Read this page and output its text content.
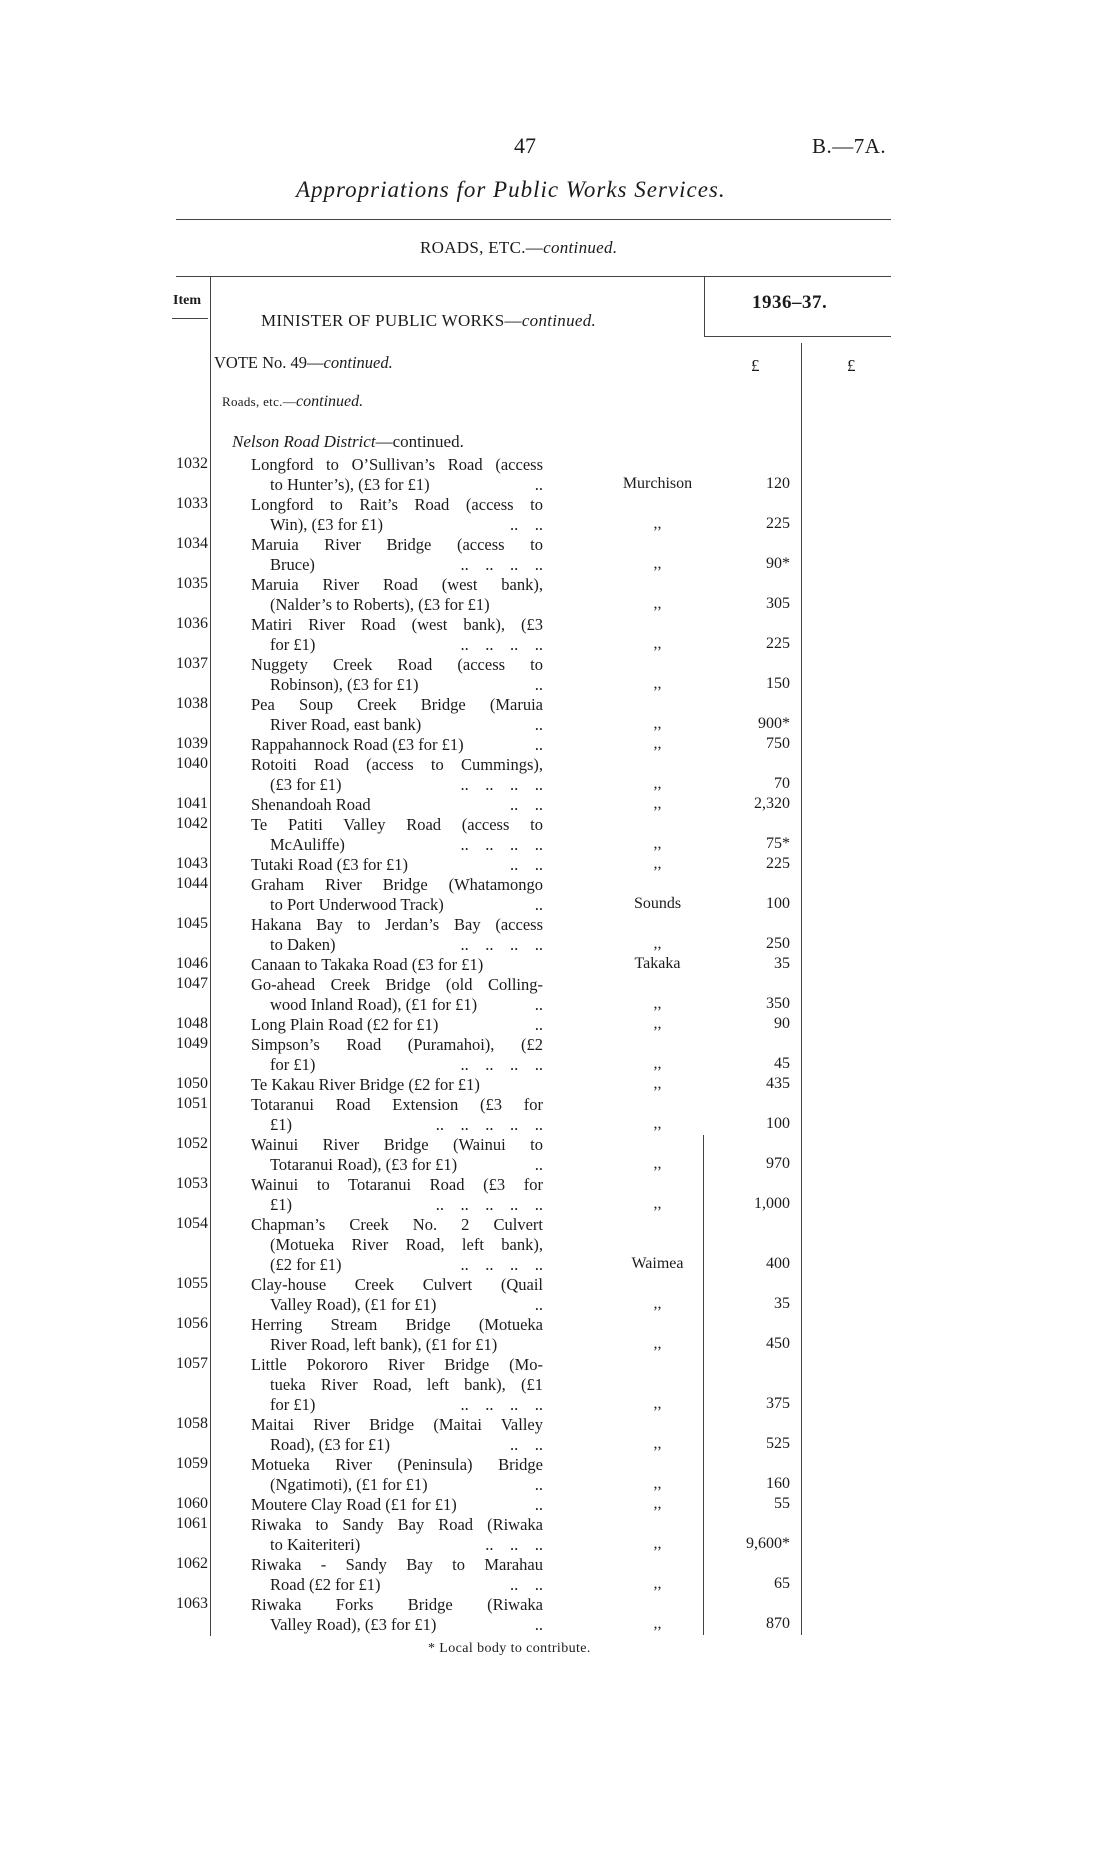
47	B.—7A.
Appropriations for Public Works Services.
ROADS, ETC.—continued.
Item
MINISTER OF PUBLIC WORKS—continued.
1936–37.
£	£
VOTE No. 49—continued.
Roads, etc.—continued.
Nelson Road District—continued.
1032	Longford to O’Sullivan’s Road (access
to Hunter’s), (£3 for £1)	..	Murchison	120
1033	Longford to Rait’s Road (access to
Win), (£3 for £1)	..    ..	,,	225
1034	Maruia River Bridge (access to
Bruce)	..    ..    ..    ..	,,	90*
1035	Maruia River Road (west bank),
(Nalder’s to Roberts), (£3 for £1)	,,	305
1036	Matiri River Road (west bank), (£3
for £1)	..    ..    ..    ..	,,	225
1037	Nuggety Creek Road (access to
Robinson), (£3 for £1)	..	,,	150
1038	Pea Soup Creek Bridge (Maruia
River Road, east bank)	..	,,	900*
1039	Rappahannock Road (£3 for £1)	..	,,	750
1040	Rotoiti Road (access to Cummings),
(£3 for £1)	..    ..    ..    ..	,,	70
1041	Shenandoah Road	..    ..	,,	2,320
1042	Te Patiti Valley Road (access to
McAuliffe)	..    ..    ..    ..	,,	75*
1043	Tutaki Road (£3 for £1)	..    ..	,,	225
1044	Graham River Bridge (Whatamongo
to Port Underwood Track)	..	Sounds	100
1045	Hakana Bay to Jerdan’s Bay (access
to Daken)	..    ..    ..    ..	,,	250
1046	Canaan to Takaka Road (£3 for £1)	Takaka	35
1047	Go-ahead Creek Bridge (old Colling-
wood Inland Road), (£1 for £1)	..	,,	350
1048	Long Plain Road (£2 for £1)	..	,,	90
1049	Simpson’s Road (Puramahoi), (£2
for £1)	..    ..    ..    ..	,,	45
1050	Te Kakau River Bridge (£2 for £1)	,,	435
1051	Totaranui Road Extension (£3 for
£1)	..    ..    ..    ..    ..	,,	100
1052	Wainui River Bridge (Wainui to
Totaranui Road), (£3 for £1)	..	,,	970
1053	Wainui to Totaranui Road (£3 for
£1)	..    ..    ..    ..    ..	,,	1,000
1054	Chapman’s Creek No. 2 Culvert
(Motueka River Road, left bank),
(£2 for £1)	..    ..    ..    ..	Waimea	400
1055	Clay-house Creek Culvert (Quail
Valley Road), (£1 for £1)	..	,,	35
1056	Herring Stream Bridge (Motueka
River Road, left bank), (£1 for £1)	,,	450
1057	Little Pokororo River Bridge (Mo-
tueka River Road, left bank), (£1
for £1)	..    ..    ..    ..	,,	375
1058	Maitai River Bridge (Maitai Valley
Road), (£3 for £1)	..    ..	,,	525
1059	Motueka River (Peninsula) Bridge
(Ngatimoti), (£1 for £1)	..	,,	160
1060	Moutere Clay Road (£1 for £1)	..	,,	55
1061	Riwaka to Sandy Bay Road (Riwaka
to Kaiteriteri)	..    ..    ..	,,	9,600*
1062	Riwaka - Sandy Bay to Marahau
Road (£2 for £1)	..    ..	,,	65
1063	Riwaka Forks Bridge (Riwaka
Valley Road), (£3 for £1)	..	,,	870
* Local body to contribute.
